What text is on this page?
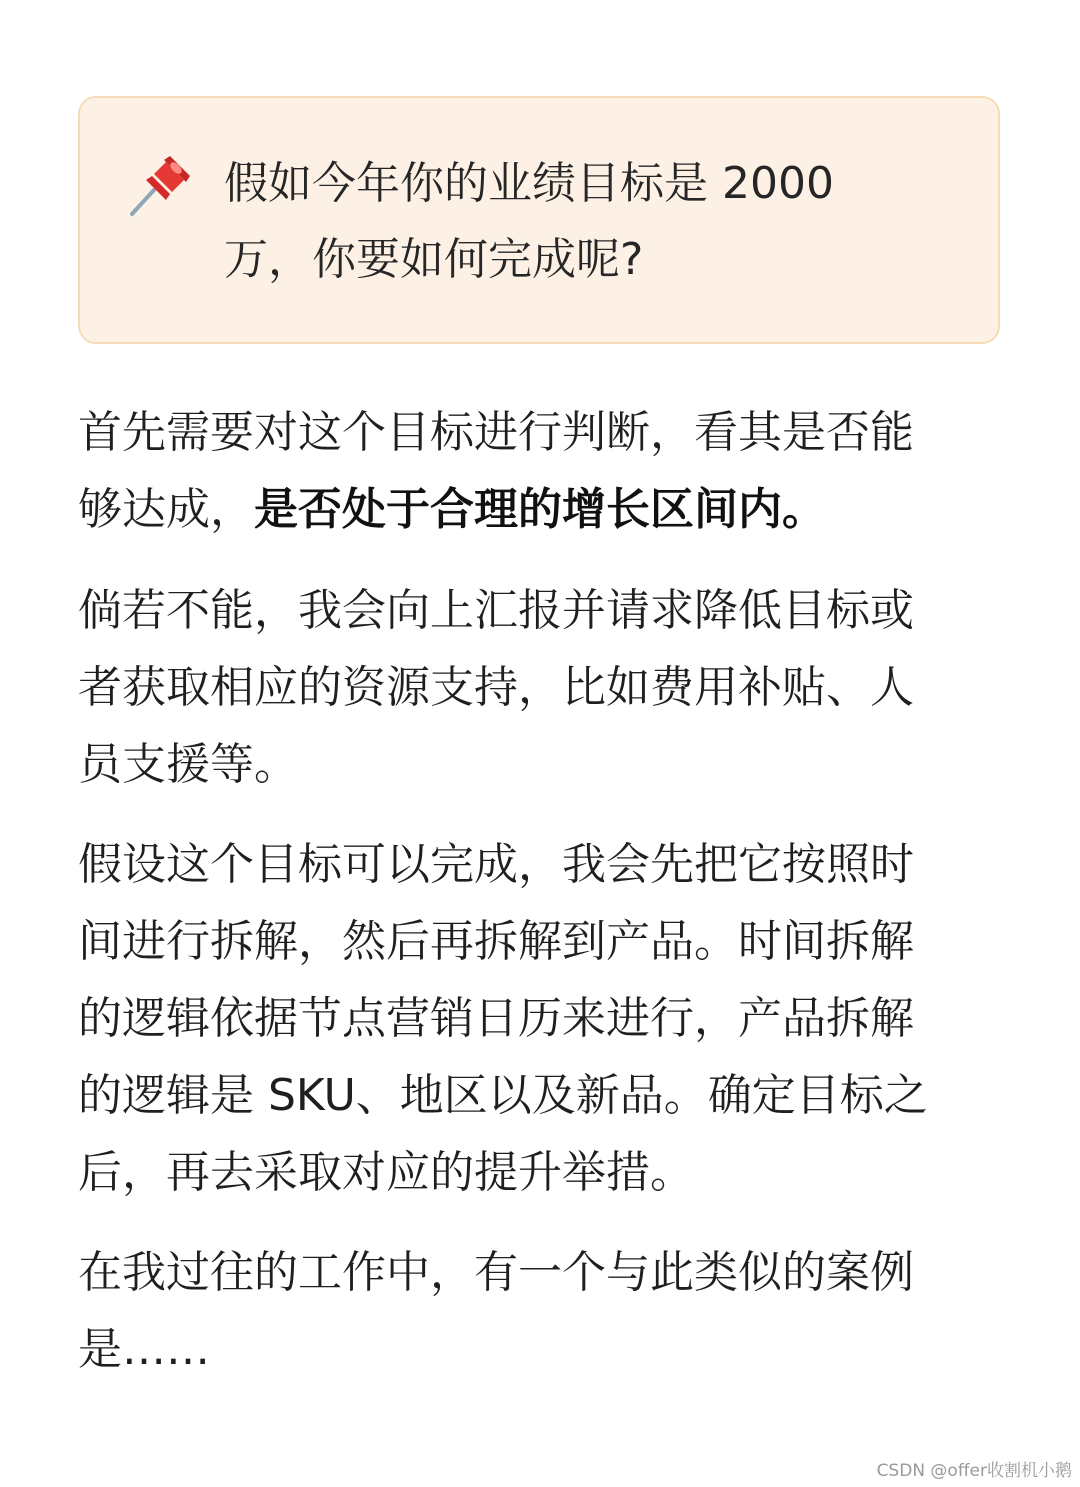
假如今年你的业绩目标是 2000
万，你要如何完成呢?
首先需要对这个目标进行判断，看其是否能
够达成，是否处于合理的增长区间内。
倘若不能，我会向上汇报并请求降低目标或
者获取相应的资源支持，比如费用补贴、人
员支援等。
假设这个目标可以完成，我会先把它按照时
间进行拆解，然后再拆解到产品。时间拆解
的逻辑依据节点营销日历来进行，产品拆解
的逻辑是 SKU、地区以及新品。确定目标之
后，再去采取对应的提升举措。
在我过往的工作中，有一个与此类似的案例
是……
CSDN @offer收割机小鹅
